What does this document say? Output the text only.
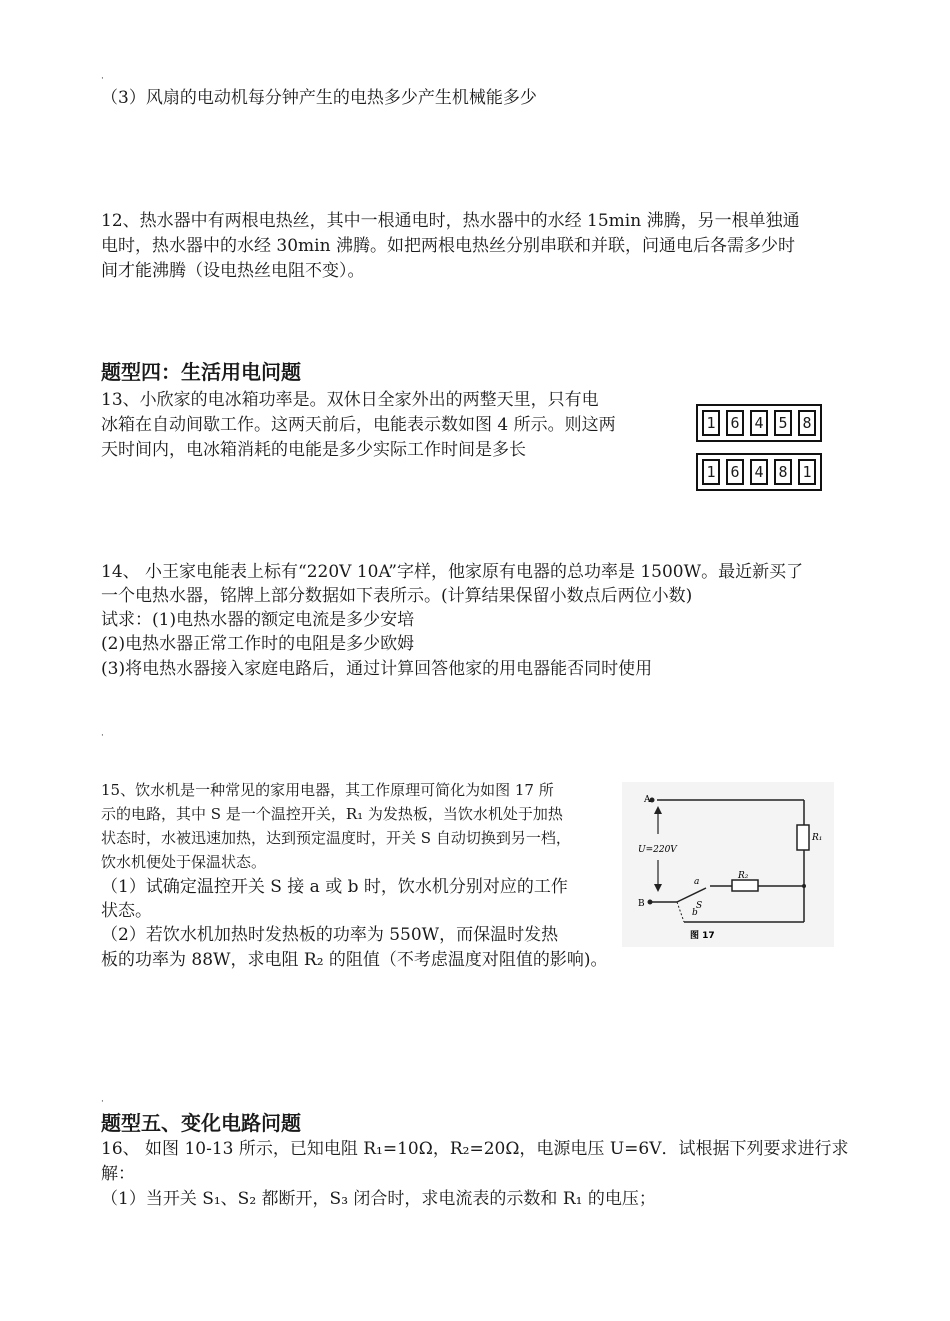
·
（3）风扇的电动机每分钟产生的电热多少产生机械能多少
12、热水器中有两根电热丝，其中一根通电时，热水器中的水经 15min 沸腾，另一根单独通
电时，热水器中的水经 30min 沸腾。如把两根电热丝分别串联和并联，问通电后各需多少时
间才能沸腾（设电热丝电阻不变）。
题型四：生活用电问题
13、小欣家的电冰箱功率是。双休日全家外出的两整天里，只有电
冰箱在自动间歇工作。这两天前后，电能表示数如图 4 所示。则这两
天时间内，电冰箱消耗的电能是多少实际工作时间是多长
1 6 4 5 8
1 6 4 8 1
14、 小王家电能表上标有“220V 10A”字样，他家原有电器的总功率是 1500W。最近新买了
一个电热水器，铭牌上部分数据如下表所示。(计算结果保留小数点后两位小数)
试求：(1)电热水器的额定电流是多少安培
(2)电热水器正常工作时的电阻是多少欧姆
(3)将电热水器接入家庭电路后，通过计算回答他家的用电器能否同时使用
·
15、饮水机是一种常见的家用电器，其工作原理可简化为如图 17 所
示的电路，其中 S 是一个温控开关，R₁ 为发热板，当饮水机处于加热
状态时，水被迅速加热，达到预定温度时，开关 S 自动切换到另一档，
饮水机便处于保温状态。
（1）试确定温控开关 S 接 a 或 b 时，饮水机分别对应的工作
状态。
（2）若饮水机加热时发热板的功率为 550W，而保温时发热
板的功率为 88W，求电阻 R₂ 的阻值（不考虑温度对阻值的影响)。
A
B
U=220V
R₁
R₂
a
b
S
图 17
·
题型五、变化电路问题
16、 如图 10-13 所示，已知电阻 R₁=10Ω，R₂=20Ω，电源电压 U=6V．试根据下列要求进行求
解：
（1）当开关 S₁、S₂ 都断开，S₃ 闭合时，求电流表的示数和 R₁ 的电压；
